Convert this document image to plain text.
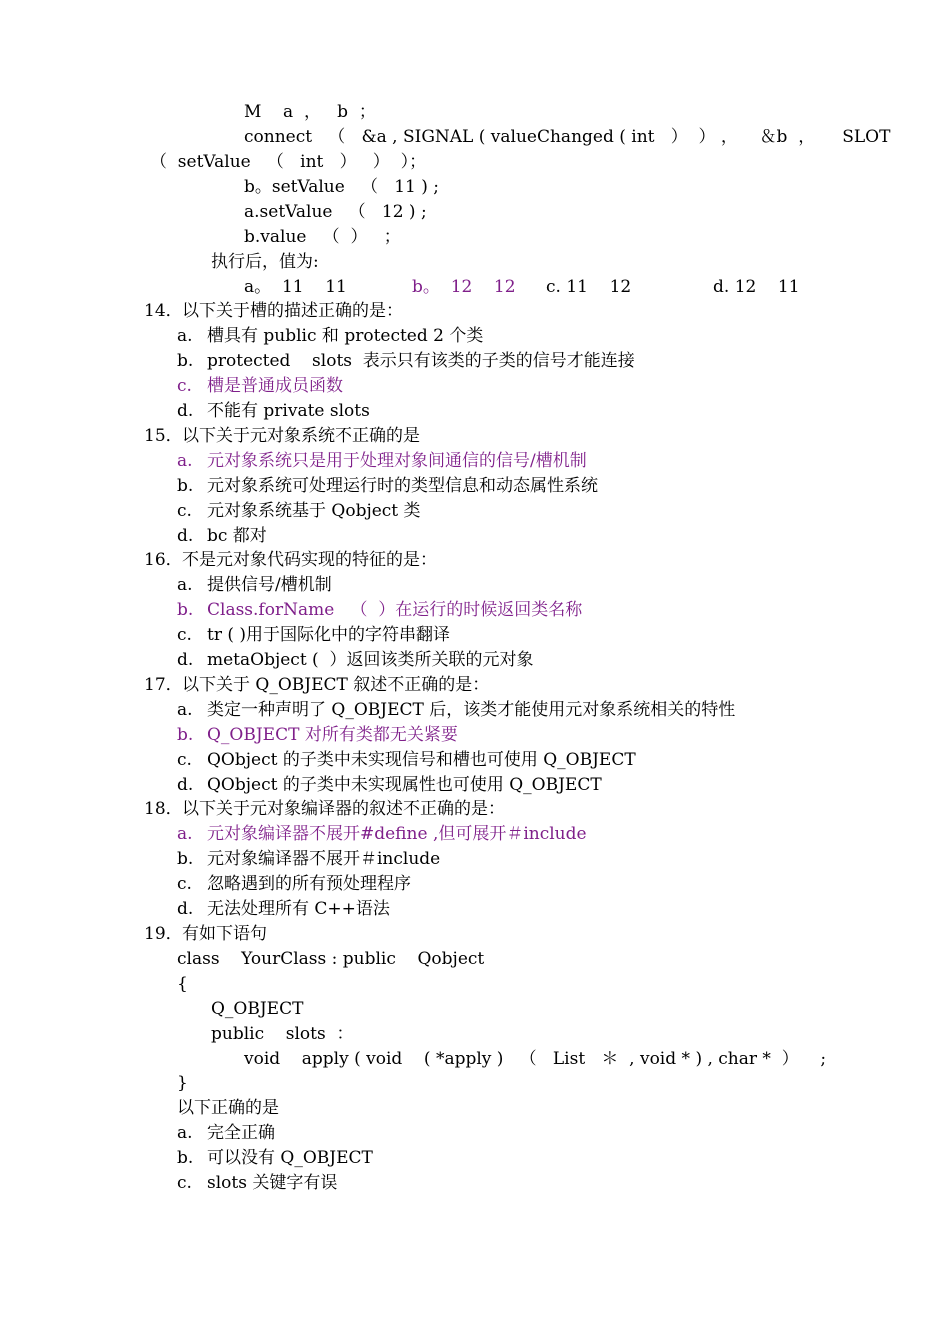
M    a  ，   b  ；
connect   （   &a , SIGNAL ( valueChanged ( int   ）  ） ，    ＆b  ，     SLOT
（  setValue   （   int   ）   ）  ）；
b。setValue   （   11 ) ;
a.setValue   （   12 ) ;
b.value   （  ）   ；
执行后，值为:
a。  11    11	b。  12    12 c. 11    12	d. 12    11
14．以下关于槽的描述正确的是：
a. 槽具有 public 和 protected 2 个类
b. protected    slots  表示只有该类的子类的信号才能连接
c. 槽是普通成员函数
d. 不能有 private slots
15．以下关于元对象系统不正确的是
a. 元对象系统只是用于处理对象间通信的信号/槽机制
b. 元对象系统可处理运行时的类型信息和动态属性系统
c. 元对象系统基于 Qobject 类
d. bc 都对
16．不是元对象代码实现的特征的是：
a. 提供信号/槽机制
b. Class.forName   （  ）在运行的时候返回类名称
c. tr ( )用于国际化中的字符串翻译
d. metaObject (  ）返回该类所关联的元对象
17．以下关于 Q_OBJECT 叙述不正确的是：
a. 类定一种声明了 Q_OBJECT 后，该类才能使用元对象系统相关的特性
b. Q_OBJECT 对所有类都无关紧要
c. QObject 的子类中未实现信号和槽也可使用 Q_OBJECT
d. QObject 的子类中未实现属性也可使用 Q_OBJECT
18．以下关于元对象编译器的叙述不正确的是：
a. 元对象编译器不展开#define ,但可展开＃include
b. 元对象编译器不展开＃include
c. 忽略遇到的所有预处理程序
d. 无法处理所有 C++语法
19．有如下语句
class    YourClass : public    Qobject
{
Q_OBJECT
public    slots  ：
void    apply ( void    ( *apply )   （   List   ＊  , void * ) , char *  ）    ;
}
以下正确的是
a. 完全正确
b. 可以没有 Q_OBJECT
c. slots 关键字有误
